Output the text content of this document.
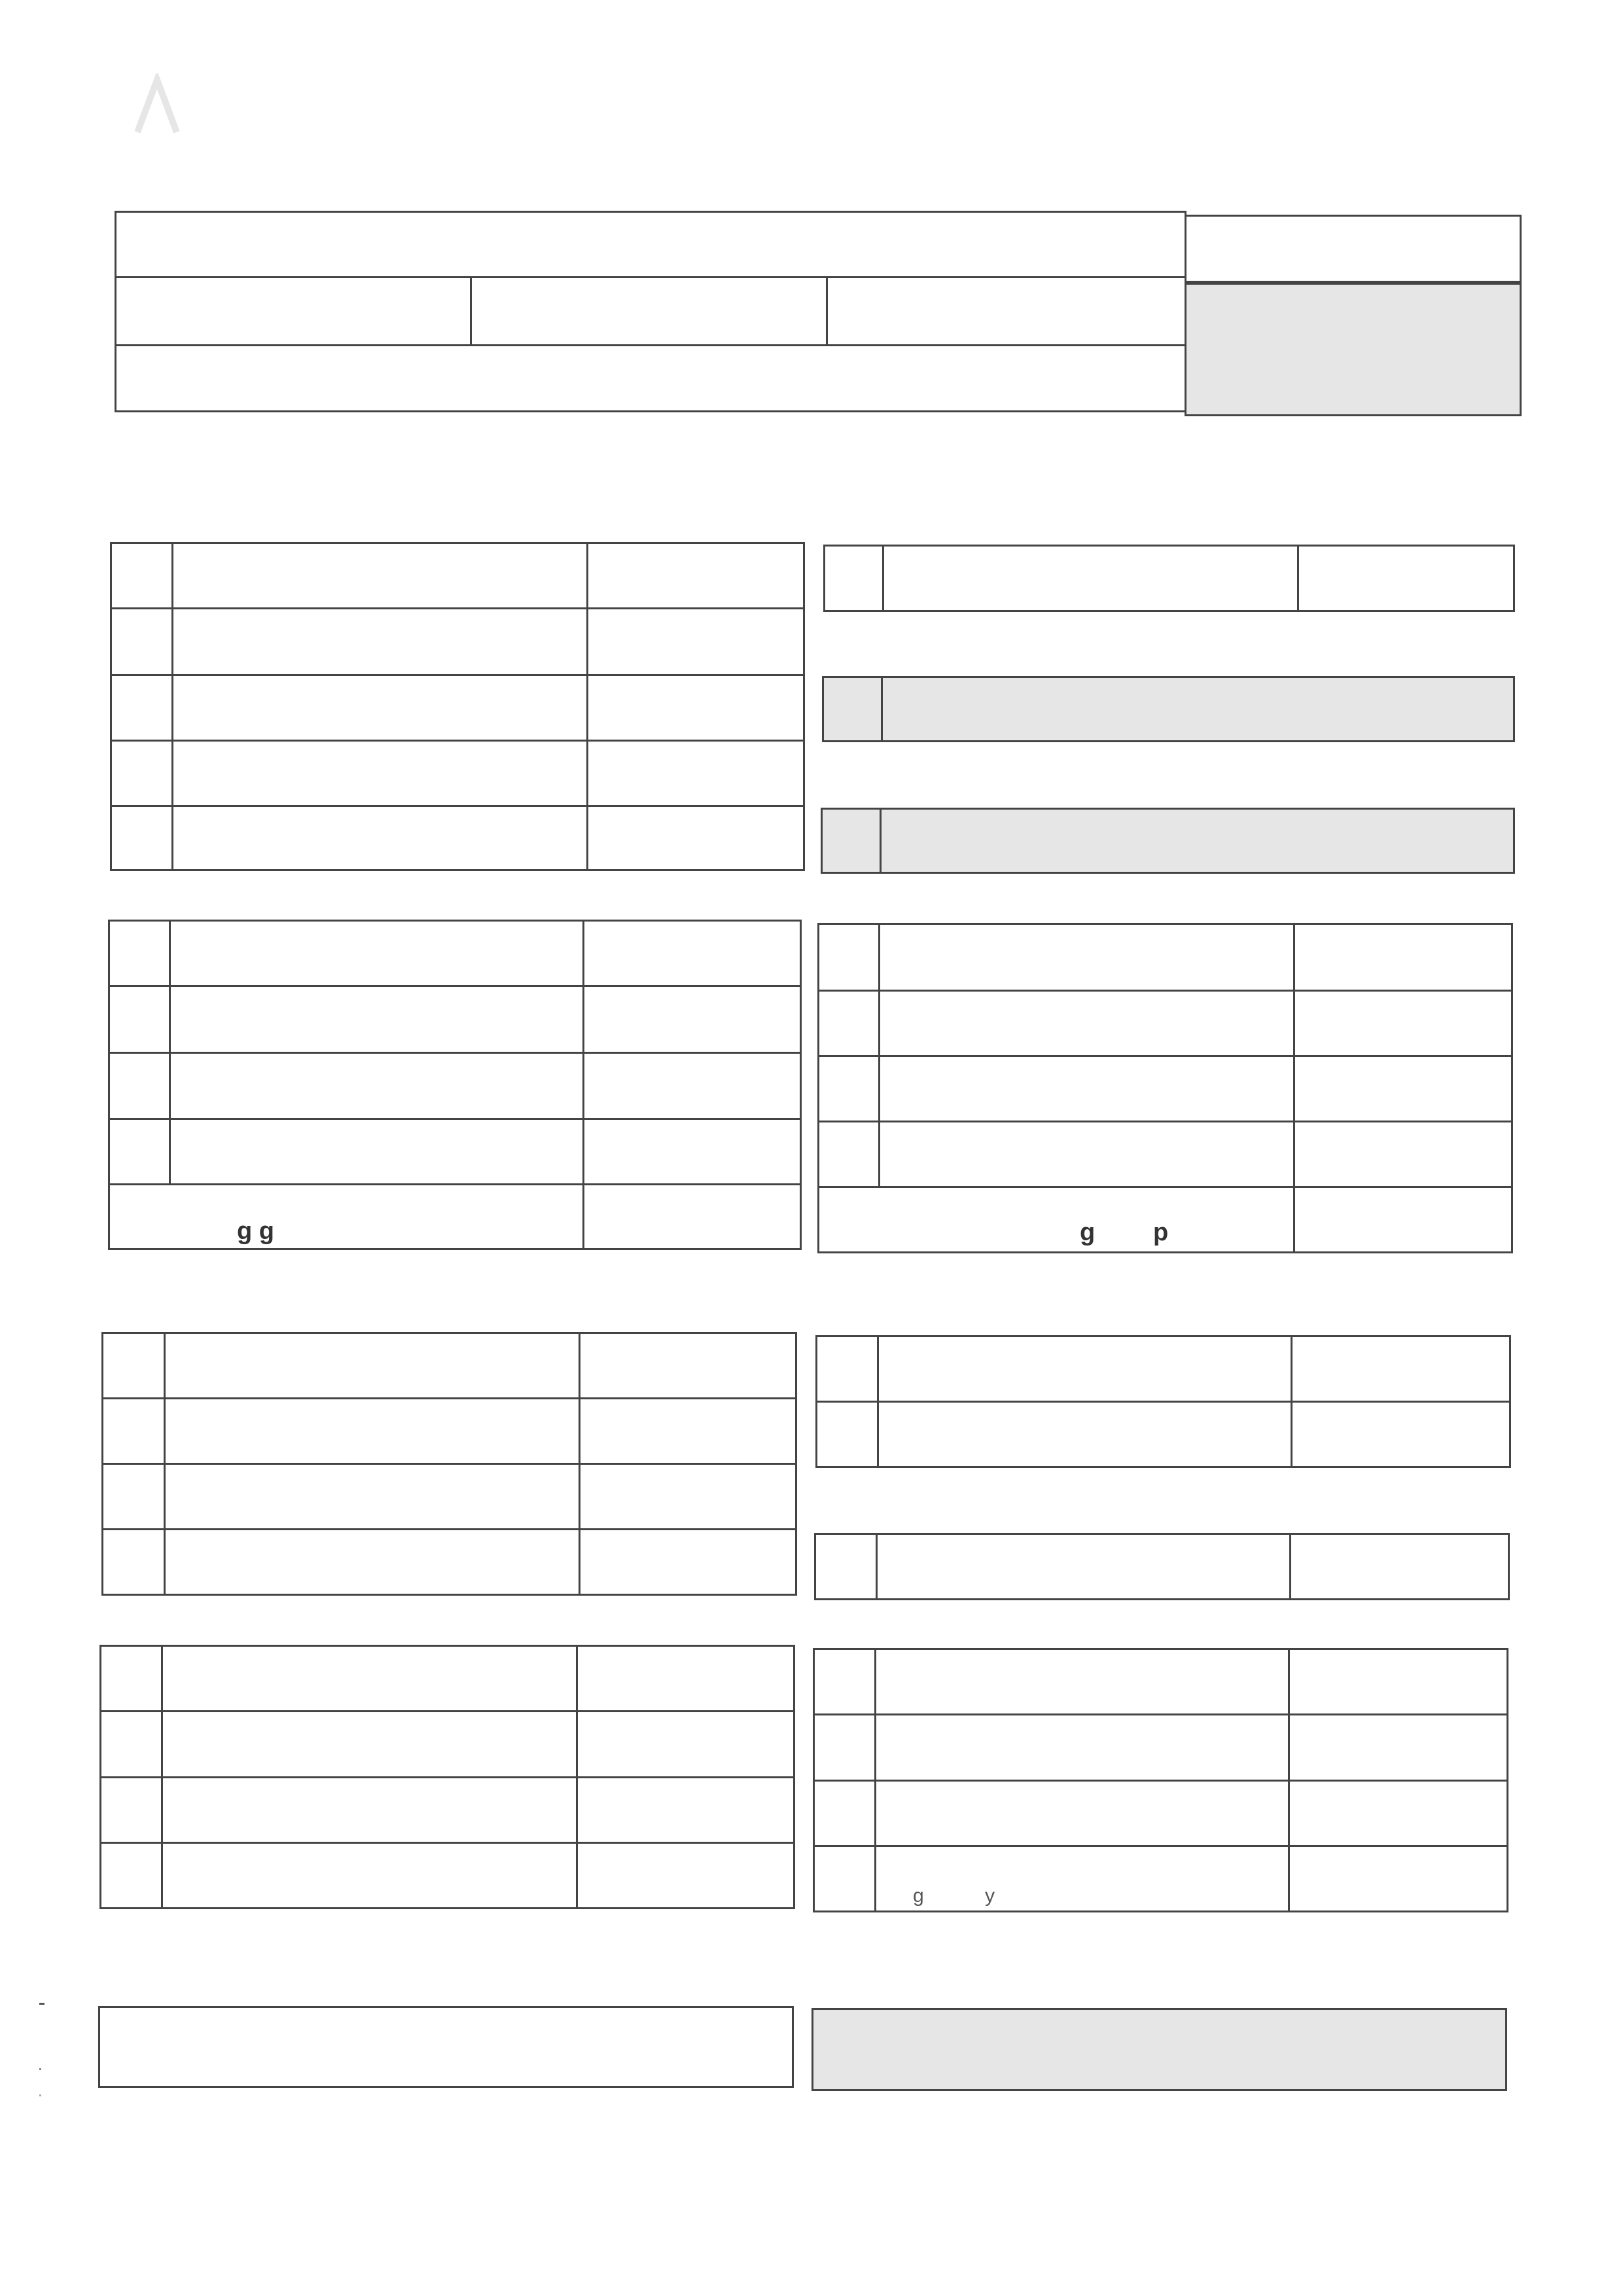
g g	g p
g	y
